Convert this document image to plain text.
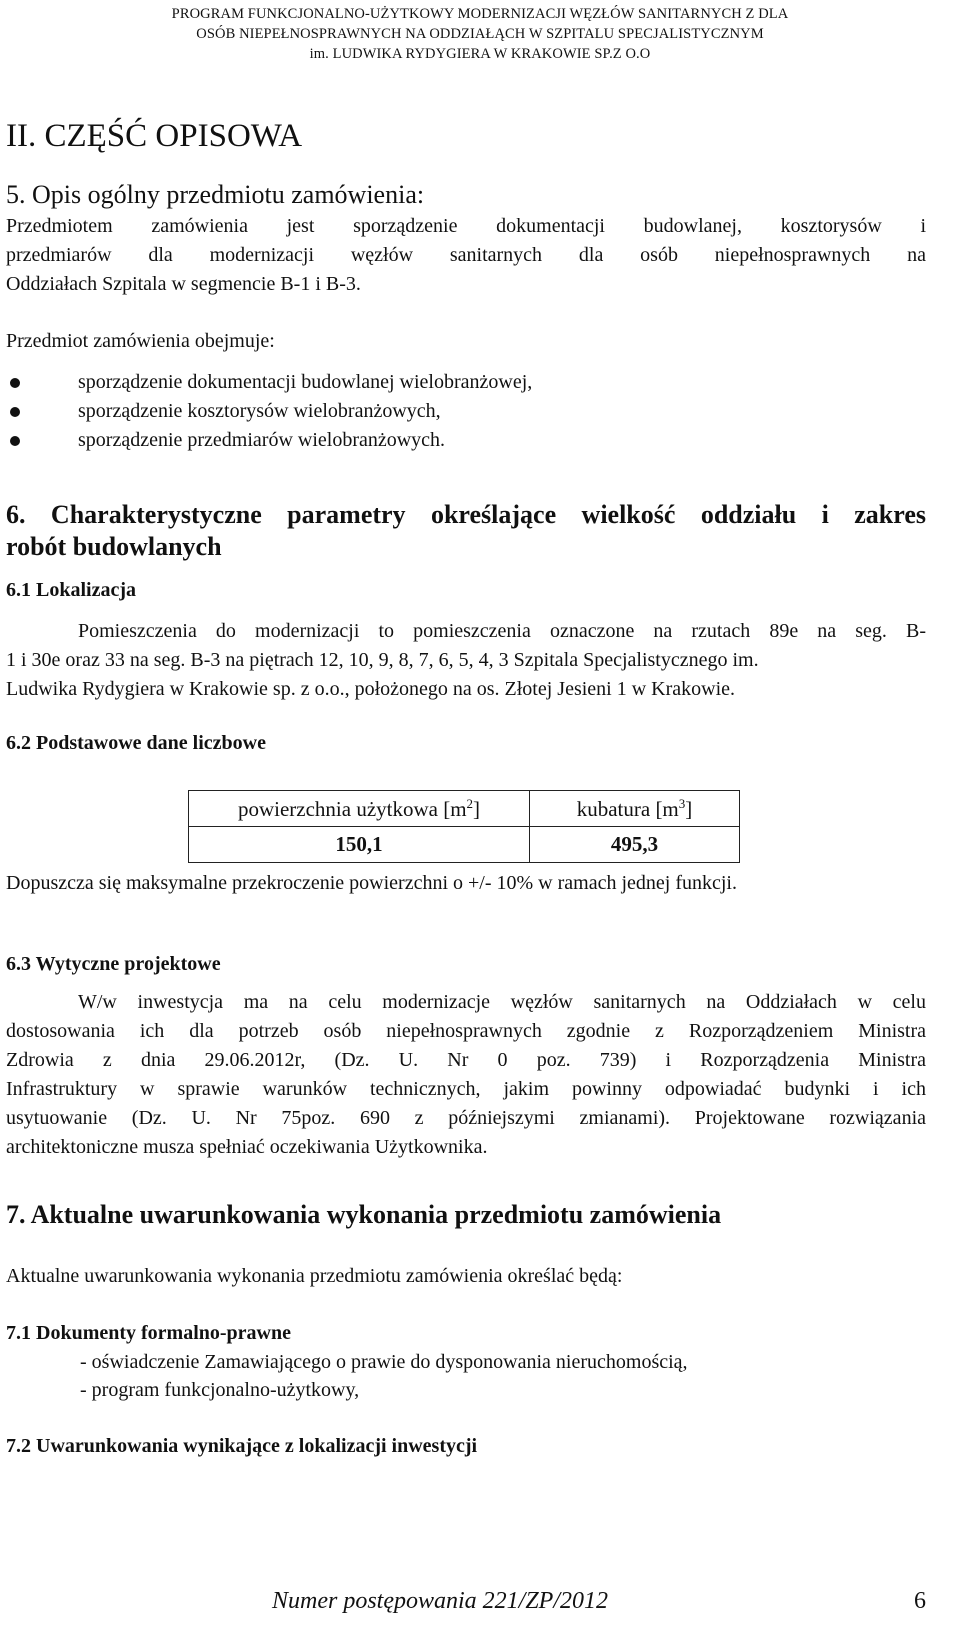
PROGRAM FUNKCJONALNO-UŻYTKOWY MODERNIZACJI WĘZŁÓW SANITARNYCH Z DLA
OSÓB NIEPEŁNOSPRAWNYCH NA ODDZIAŁĄCH W SZPITALU SPECJALISTYCZNYM
im. LUDWIKA RYDYGIERA W KRAKOWIE SP.Z O.O
II. CZĘŚĆ OPISOWA
5. Opis ogólny przedmiotu zamówienia:
Przedmiotem zamówienia jest sporządzenie dokumentacji budowlanej, kosztorysów i
przedmiarów dla modernizacji węzłów sanitarnych dla osób niepełnosprawnych na
Oddziałach Szpitala w segmencie B-1 i B-3.
Przedmiot zamówienia obejmuje:
sporządzenie dokumentacji budowlanej wielobranżowej,
sporządzenie kosztorysów wielobranżowych,
sporządzenie przedmiarów wielobranżowych.
6. Charakterystyczne parametry określające wielkość oddziału i zakres
robót budowlanych
6.1 Lokalizacja
Pomieszczenia do modernizacji to pomieszczenia oznaczone na rzutach 89e na seg. B-
1 i 30e oraz 33 na seg. B-3 na piętrach 12, 10, 9, 8, 7, 6, 5, 4, 3 Szpitala Specjalistycznego im.
Ludwika Rydygiera w Krakowie sp. z o.o., położonego na os. Złotej Jesieni 1 w Krakowie.
6.2 Podstawowe dane liczbowe
powierzchnia użytkowa $[m^2]$	kubatura $[m^3]$
150,1	495,3
Dopuszcza się maksymalne przekroczenie powierzchni o +/- 10% w ramach jednej funkcji.
6.3 Wytyczne projektowe
W/w inwestycja ma na celu modernizacje węzłów sanitarnych na Oddziałach w celu
dostosowania ich dla potrzeb osób niepełnosprawnych zgodnie z Rozporządzeniem Ministra
Zdrowia z dnia 29.06.2012r, (Dz. U. Nr 0 poz. 739) i Rozporządzenia Ministra
Infrastruktury w sprawie warunków technicznych, jakim powinny odpowiadać budynki i ich
usytuowanie (Dz. U. Nr 75poz. 690 z późniejszymi zmianami). Projektowane rozwiązania
architektoniczne musza spełniać oczekiwania Użytkownika.
7. Aktualne uwarunkowania wykonania przedmiotu zamówienia
Aktualne uwarunkowania wykonania przedmiotu zamówienia określać będą:
7.1 Dokumenty formalno-prawne
- oświadczenie Zamawiającego o prawie do dysponowania nieruchomością,
- program funkcjonalno-użytkowy,
7.2 Uwarunkowania wynikające z lokalizacji inwestycji
Numer postępowania 221/ZP/2012	6
